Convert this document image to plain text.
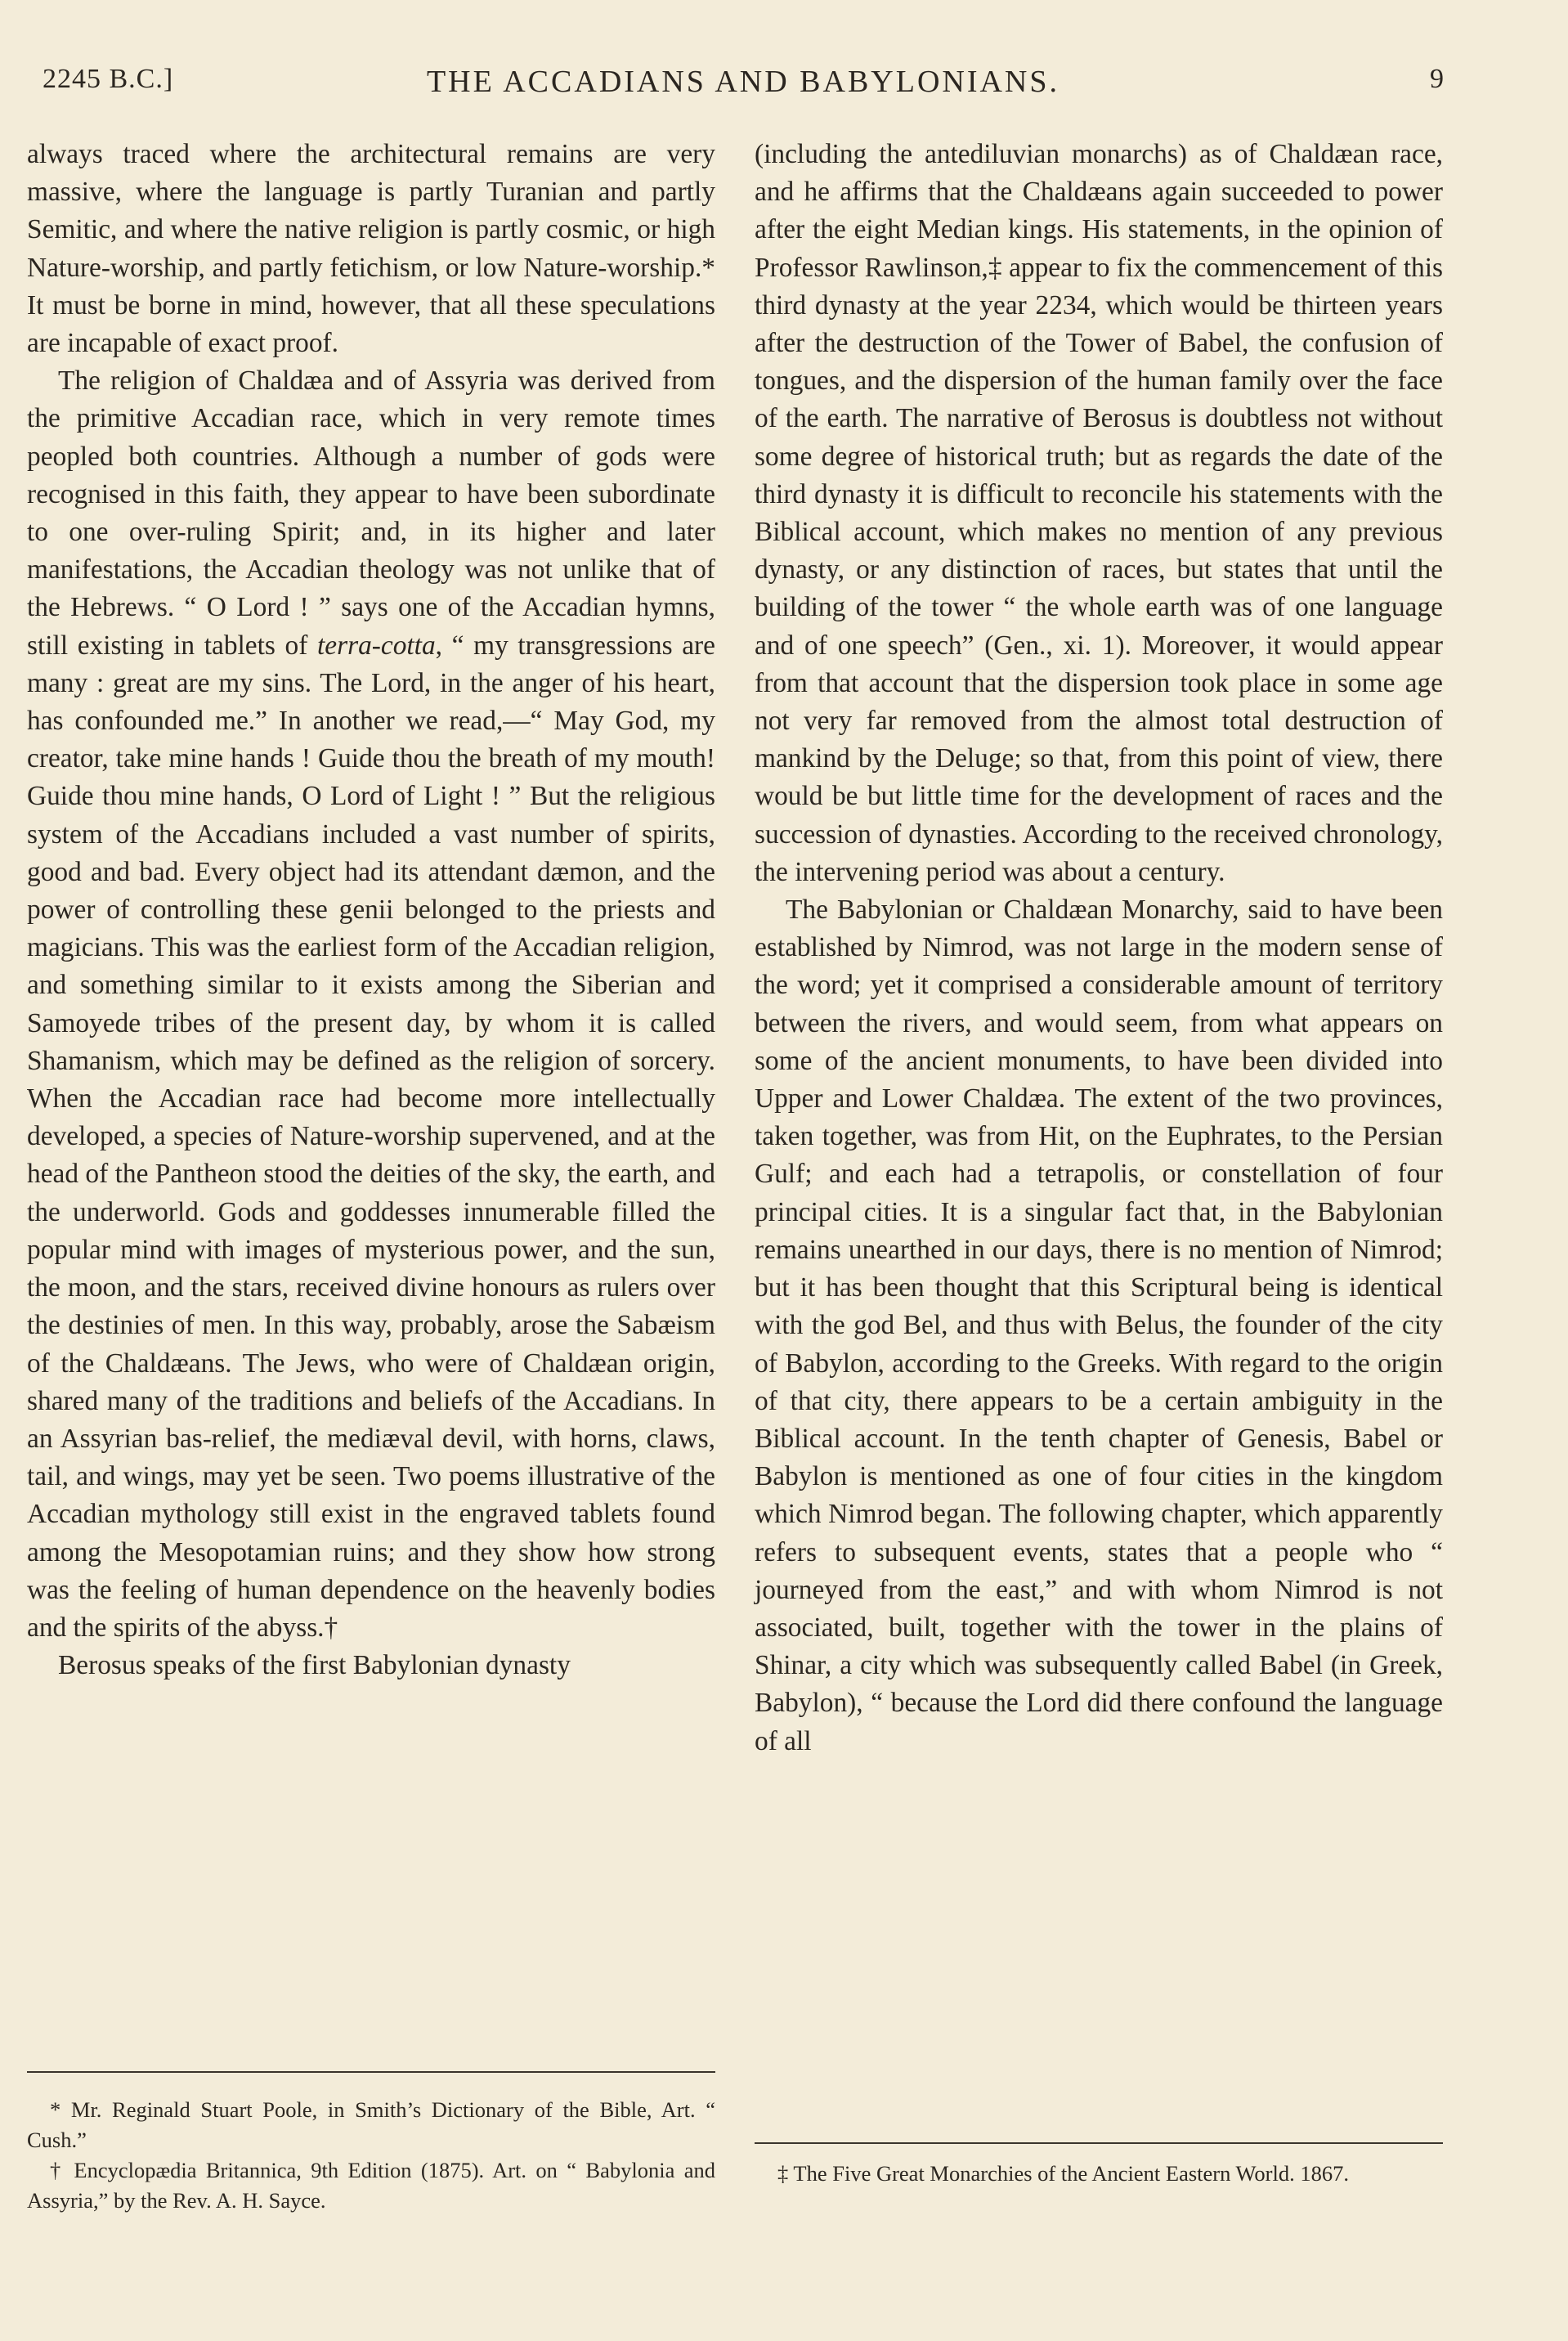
2245 B.C.]	THE ACCADIANS AND BABYLONIANS.	9

always traced where the architectural remains are very massive, where the language is partly Turanian and partly Semitic, and where the native religion is partly cosmic, or high Nature-worship, and partly fetichism, or low Nature-worship.* It must be borne in mind, however, that all these speculations are incapable of exact proof.

The religion of Chaldæa and of Assyria was derived from the primitive Accadian race, which in very remote times peopled both countries. Although a number of gods were recognised in this faith, they appear to have been subordinate to one over-ruling Spirit; and, in its higher and later manifestations, the Accadian theology was not unlike that of the Hebrews. “ O Lord ! ” says one of the Accadian hymns, still existing in tablets of terra-cotta, “ my transgressions are many : great are my sins. The Lord, in the anger of his heart, has confounded me.” In another we read,—“ May God, my creator, take mine hands ! Guide thou the breath of my mouth! Guide thou mine hands, O Lord of Light ! ” But the religious system of the Accadians included a vast number of spirits, good and bad. Every object had its attendant dæmon, and the power of controlling these genii belonged to the priests and magicians. This was the earliest form of the Accadian religion, and something similar to it exists among the Siberian and Samoyede tribes of the present day, by whom it is called Shamanism, which may be defined as the religion of sorcery. When the Accadian race had become more intellectually developed, a species of Nature-worship supervened, and at the head of the Pantheon stood the deities of the sky, the earth, and the underworld. Gods and goddesses innumerable filled the popular mind with images of mysterious power, and the sun, the moon, and the stars, received divine honours as rulers over the destinies of men. In this way, probably, arose the Sabæism of the Chaldæans. The Jews, who were of Chaldæan origin, shared many of the traditions and beliefs of the Accadians. In an Assyrian bas-relief, the mediæval devil, with horns, claws, tail, and wings, may yet be seen. Two poems illustrative of the Accadian mythology still exist in the engraved tablets found among the Mesopotamian ruins; and they show how strong was the feeling of human dependence on the heavenly bodies and the spirits of the abyss.†

Berosus speaks of the first Babylonian dynasty

(including the antediluvian monarchs) as of Chaldæan race, and he affirms that the Chaldæans again succeeded to power after the eight Median kings. His statements, in the opinion of Professor Rawlinson,‡ appear to fix the commencement of this third dynasty at the year 2234, which would be thirteen years after the destruction of the Tower of Babel, the confusion of tongues, and the dispersion of the human family over the face of the earth. The narrative of Berosus is doubtless not without some degree of historical truth; but as regards the date of the third dynasty it is difficult to reconcile his statements with the Biblical account, which makes no mention of any previous dynasty, or any distinction of races, but states that until the building of the tower “ the whole earth was of one language and of one speech” (Gen., xi. 1). Moreover, it would appear from that account that the dispersion took place in some age not very far removed from the almost total destruction of mankind by the Deluge; so that, from this point of view, there would be but little time for the development of races and the succession of dynasties. According to the received chronology, the intervening period was about a century.

The Babylonian or Chaldæan Monarchy, said to have been established by Nimrod, was not large in the modern sense of the word; yet it comprised a considerable amount of territory between the rivers, and would seem, from what appears on some of the ancient monuments, to have been divided into Upper and Lower Chaldæa. The extent of the two provinces, taken together, was from Hit, on the Euphrates, to the Persian Gulf; and each had a tetrapolis, or constellation of four principal cities. It is a singular fact that, in the Babylonian remains unearthed in our days, there is no mention of Nimrod; but it has been thought that this Scriptural being is identical with the god Bel, and thus with Belus, the founder of the city of Babylon, according to the Greeks. With regard to the origin of that city, there appears to be a certain ambiguity in the Biblical account. In the tenth chapter of Genesis, Babel or Babylon is mentioned as one of four cities in the kingdom which Nimrod began. The following chapter, which apparently refers to subsequent events, states that a people who “ journeyed from the east,” and with whom Nimrod is not associated, built, together with the tower in the plains of Shinar, a city which was subsequently called Babel (in Greek, Babylon), “ because the Lord did there confound the language of all

* Mr. Reginald Stuart Poole, in Smith’s Dictionary of the Bible, Art. “ Cush.”

† Encyclopædia Britannica, 9th Edition (1875). Art. on “ Babylonia and Assyria,” by the Rev. A. H. Sayce.

‡ The Five Great Monarchies of the Ancient Eastern World. 1867.
